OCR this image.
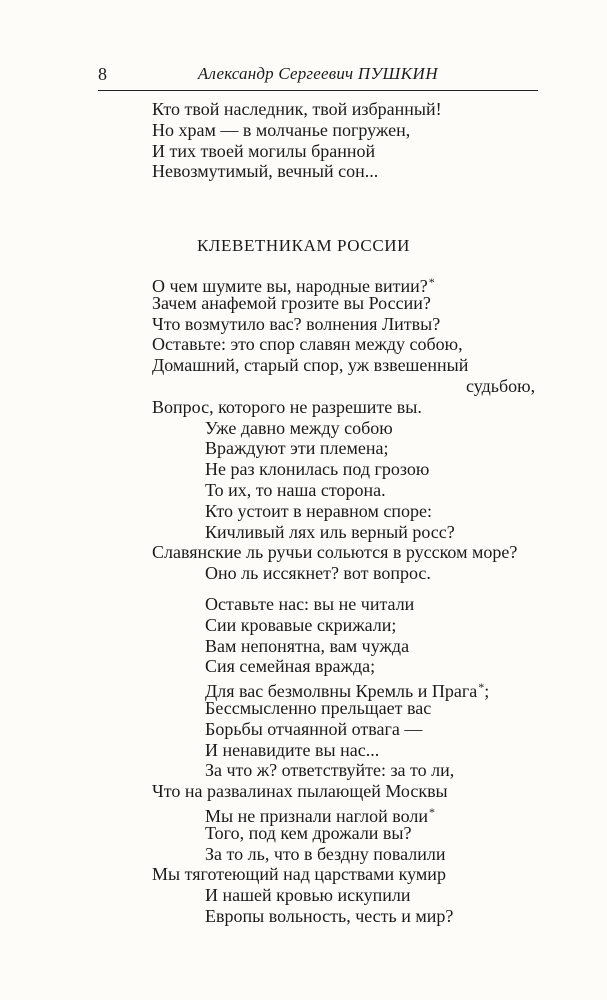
8	Александр Сергеевич ПУШКИН
Кто твой наследник, твой избранный!
Но храм — в молчанье погружен,
И тих твоей могилы бранной
Невозмутимый, вечный сон...
КЛЕВЕТНИКАМ РОССИИ
О чем шумите вы, народные витии?*
Зачем анафемой грозите вы России?
Что возмутило вас? волнения Литвы?
Оставьте: это спор славян между собою,
Домашний, старый спор, уж взвешенный
судьбою,
Вопрос, которого не разрешите вы.
Уже давно между собою
Враждуют эти племена;
Не раз клонилась под грозою
То их, то наша сторона.
Кто устоит в неравном споре:
Кичливый лях иль верный росс?
Славянские ль ручьи сольются в русском море?
Оно ль иссякнет? вот вопрос.
Оставьте нас: вы не читали
Сии кровавые скрижали;
Вам непонятна, вам чужда
Сия семейная вражда;
Для вас безмолвны Кремль и Прага*;
Бессмысленно прельщает вас
Борьбы отчаянной отвага —
И ненавидите вы нас...
За что ж? ответствуйте: за то ли,
Что на развалинах пылающей Москвы
Мы не признали наглой воли*
Того, под кем дрожали вы?
За то ль, что в бездну повалили
Мы тяготеющий над царствами кумир
И нашей кровью искупили
Европы вольность, честь и мир?
